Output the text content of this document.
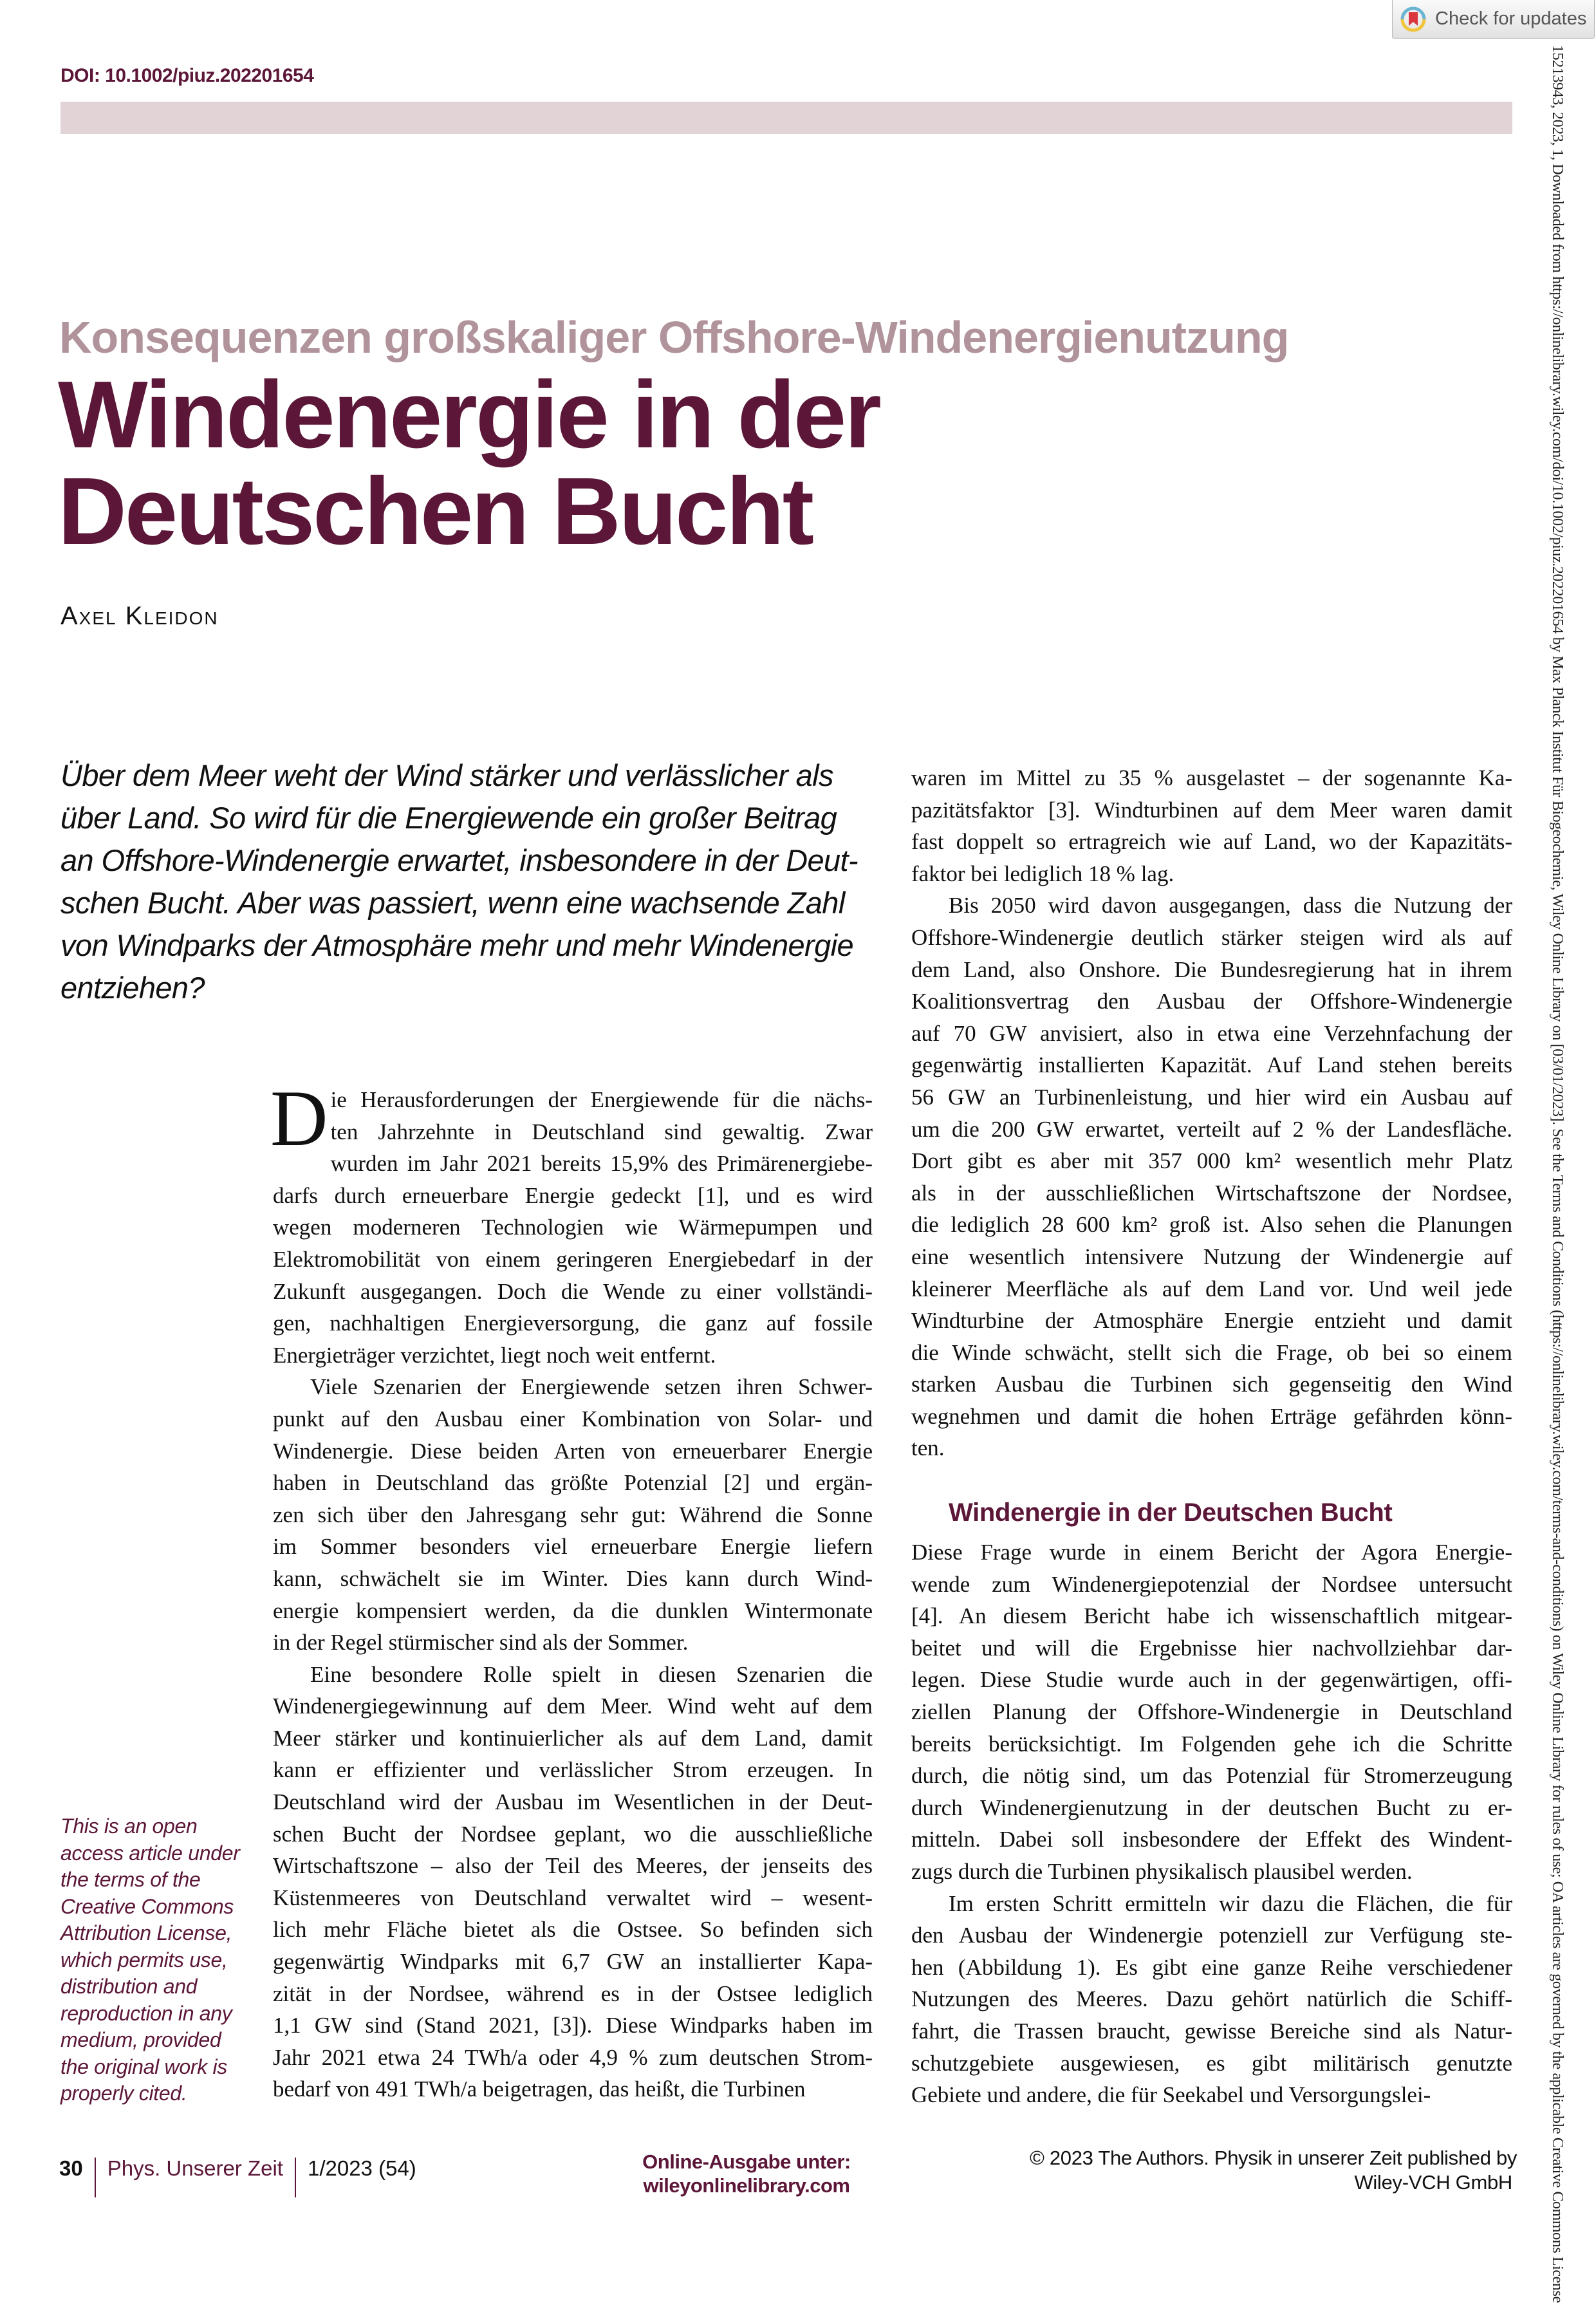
Check for updates
DOI: 10.1002/piuz.202201654	15213943, 2023, 1, Downloaded from https://onlinelibrary.wiley.com/doi/10.1002/piuz.202201654 by Max Planck Institut Für Biogeochemie, Wiley Online Library on [03/01/2023]. See the Terms and Conditions (https://onlinelibrary.wiley.com/terms-and-conditions) on Wiley Online Library for rules of use; OA articles are governed by the applicable Creative Commons License
Konsequenzen großskaliger Offshore-Windenergienutzung
Windenergie in der
Deutschen Bucht
Axel Kleidon
Über dem Meer weht der Wind stärker und verlässlicher als
über Land. So wird für die Energiewende ein großer Beitrag
an Offshore-Windenergie erwartet, insbesondere in der Deut-
schen Bucht. Aber was passiert, wenn eine wachsende Zahl
von Windparks der Atmosphäre mehr und mehr Windenergie
entziehen?
D ie Herausforderungen der Energiewende für die nächs-
ten Jahrzehnte in Deutschland sind gewaltig. Zwar
wurden im Jahr 2021 bereits 15,9% des Primärenergiebe-
darfs durch erneuerbare Energie gedeckt [1], und es wird
wegen moderneren Technologien wie Wärmepumpen und
Elektromobilität von einem geringeren Energiebedarf in der
Zukunft ausgegangen. Doch die Wende zu einer vollständi-
gen, nachhaltigen Energieversorgung, die ganz auf fossile
Energieträger verzichtet, liegt noch weit entfernt.
Viele Szenarien der Energiewende setzen ihren Schwer-
punkt auf den Ausbau einer Kombination von Solar- und
Windenergie. Diese beiden Arten von erneuerbarer Energie
haben in Deutschland das größte Potenzial [2] und ergän-
zen sich über den Jahresgang sehr gut: Während die Sonne
im Sommer besonders viel erneuerbare Energie liefern
kann, schwächelt sie im Winter. Dies kann durch Wind-
energie kompensiert werden, da die dunklen Wintermonate
in der Regel stürmischer sind als der Sommer.
Eine besondere Rolle spielt in diesen Szenarien die
Windenergiegewinnung auf dem Meer. Wind weht auf dem
Meer stärker und kontinuierlicher als auf dem Land, damit
kann er effizienter und verlässlicher Strom erzeugen. In
Deutschland wird der Ausbau im Wesentlichen in der Deut-
schen Bucht der Nordsee geplant, wo die ausschließliche
Wirtschaftszone – also der Teil des Meeres, der jenseits des
Küstenmeeres von Deutschland verwaltet wird – wesent-
lich mehr Fläche bietet als die Ostsee. So befinden sich
gegenwärtig Windparks mit 6,7 GW an installierter Kapa-
zität in der Nordsee, während es in der Ostsee lediglich
1,1 GW sind (Stand 2021, [3]). Diese Windparks haben im
Jahr 2021 etwa 24 TWh/a oder 4,9 % zum deutschen Strom-
bedarf von 491 TWh/a beigetragen, das heißt, die Turbinen
waren im Mittel zu 35 % ausgelastet – der sogenannte Ka-
pazitätsfaktor [3]. Windturbinen auf dem Meer waren damit
fast doppelt so ertragreich wie auf Land, wo der Kapazitäts-
faktor bei lediglich 18 % lag.
Bis 2050 wird davon ausgegangen, dass die Nutzung der
Offshore-Windenergie deutlich stärker steigen wird als auf
dem Land, also Onshore. Die Bundesregierung hat in ihrem
Koalitionsvertrag den Ausbau der Offshore-Windenergie
auf 70 GW anvisiert, also in etwa eine Verzehnfachung der
gegenwärtig installierten Kapazität. Auf Land stehen bereits
56 GW an Turbinenleistung, und hier wird ein Ausbau auf
um die 200 GW erwartet, verteilt auf 2 % der Landesfläche.
Dort gibt es aber mit 357 000 km² wesentlich mehr Platz
als in der ausschließlichen Wirtschaftszone der Nordsee,
die lediglich 28 600 km² groß ist. Also sehen die Planungen
eine wesentlich intensivere Nutzung der Windenergie auf
kleinerer Meerfläche als auf dem Land vor. Und weil jede
Windturbine der Atmosphäre Energie entzieht und damit
die Winde schwächt, stellt sich die Frage, ob bei so einem
starken Ausbau die Turbinen sich gegenseitig den Wind
wegnehmen und damit die hohen Erträge gefährden könn-
ten.
Windenergie in der Deutschen Bucht
Diese Frage wurde in einem Bericht der Agora Energie-
wende zum Windenergiepotenzial der Nordsee untersucht
[4]. An diesem Bericht habe ich wissenschaftlich mitgear-
beitet und will die Ergebnisse hier nachvollziehbar dar-
legen. Diese Studie wurde auch in der gegenwärtigen, offi-
ziellen Planung der Offshore-Windenergie in Deutschland
bereits berücksichtigt. Im Folgenden gehe ich die Schritte
durch, die nötig sind, um das Potenzial für Stromerzeugung
durch Windenergienutzung in der deutschen Bucht zu er-
mitteln. Dabei soll insbesondere der Effekt des Windent-
zugs durch die Turbinen physikalisch plausibel werden.
Im ersten Schritt ermitteln wir dazu die Flächen, die für
den Ausbau der Windenergie potenziell zur Verfügung ste-
hen (Abbildung 1). Es gibt eine ganze Reihe verschiedener
Nutzungen des Meeres. Dazu gehört natürlich die Schiff-
fahrt, die Trassen braucht, gewisse Bereiche sind als Natur-
schutzgebiete ausgewiesen, es gibt militärisch genutzte
Gebiete und andere, die für Seekabel und Versorgungslei-
This is an open
access article under
the terms of the
Creative Commons
Attribution License,
which permits use,
distribution and
reproduction in any
medium, provided
the original work is
properly cited.
30 Phys. Unserer Zeit 1/2023 (54)	Online-Ausgabe unter:
wileyonlinelibrary.com
© 2023 The Authors. Physik in unserer Zeit published by
Wiley-VCH GmbH
